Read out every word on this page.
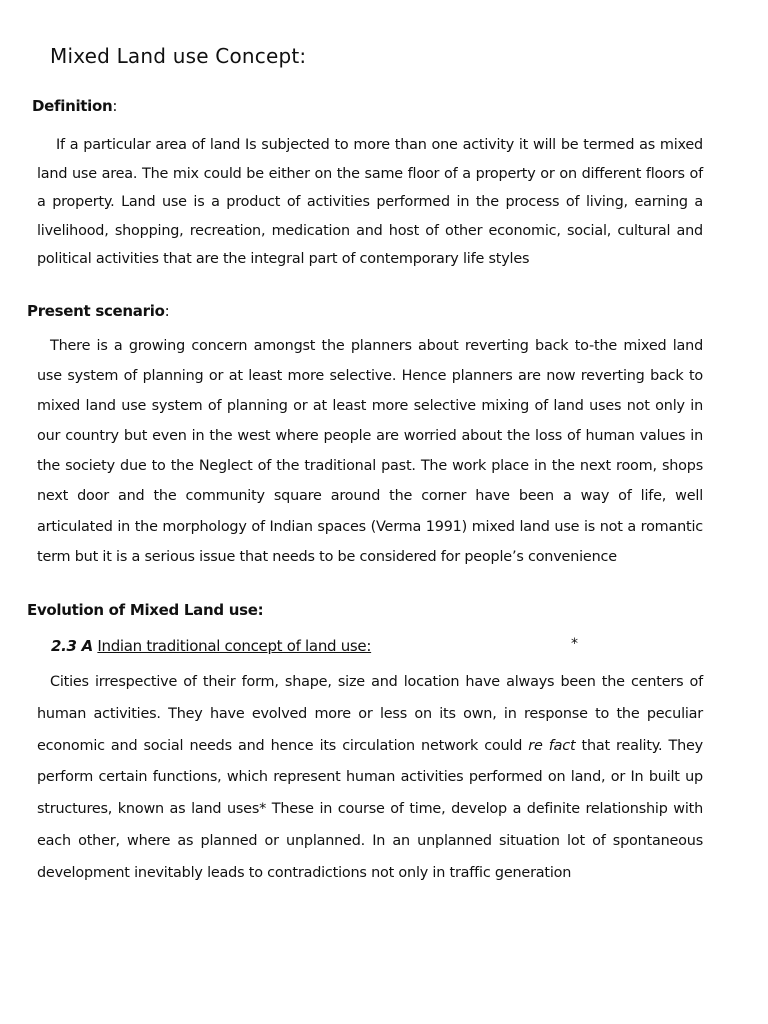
Mixed Land use Concept:
Definition:

If a particular area of land Is subjected to more than one activity it will be termed as mixed land use area. The mix could be either on the same floor of a property or on different floors of a property. Land use is a product of activities performed in the process of living, earning a livelihood, shopping, recreation, medication and host of other economic, social, cultural and political activities that are the integral part of contemporary life styles

Present scenario:

There is a growing concern amongst the planners about reverting back to-the mixed land use system of planning or at least more selective. Hence planners are now reverting back to mixed land use system of planning or at least more selective mixing of land uses not only in our country but even in the west where people are worried about the loss of human values in the society due to the Neglect of the traditional past. The work place in the next room, shops next door and the community square around the corner have been a way of life, well articulated in the morphology of Indian spaces (Verma 1991) mixed land use is not a romantic term but it is a serious issue that needs to be considered for people’s convenience

Evolution of Mixed Land use:

2.3 A Indian traditional concept of land use:	*

Cities irrespective of their form, shape, size and location have always been the centers of human activities. They have evolved more or less on its own, in response to the peculiar economic and social needs and hence its circulation network could re fact that reality. They perform certain functions, which represent human activities performed on land, or In built up structures, known as land uses* These in course of time, develop a definite relationship with each other, where as planned or unplanned. In an unplanned situation lot of spontaneous development inevitably leads to contradictions not only in traffic generation
